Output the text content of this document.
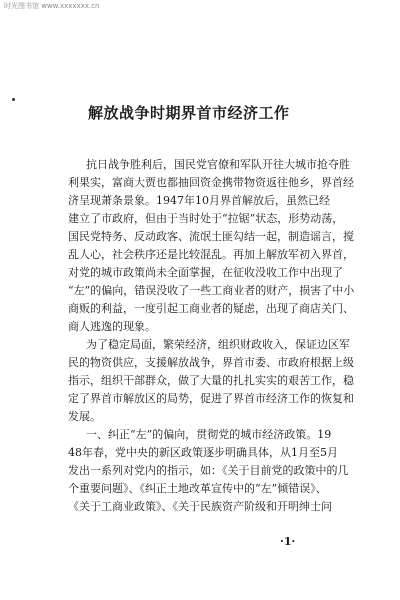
时光图书馆 www.xxxxxxx.cn
解放战争时期界首市经济工作
抗日战争胜利后，国民党官僚和军队开往大城市抢夺胜
利果实，富商大贾也都抽回资金携带物资返往他乡，界首经
济呈现萧条景象。1947年10月界首解放后，虽然已经
建立了市政府，但由于当时处于“拉锯”状态，形势动荡，
国民党特务、反动政客、流氓土匪勾结一起，制造谣言，搅
乱人心，社会秩序还是比较混乱。再加上解放军初入界首，
对党的城市政策尚未全面掌握，在征收没收工作中出现了
“左”的偏向，错误没收了一些工商业者的财产，损害了中小
商贩的利益，一度引起工商业者的疑虑，出现了商店关门、
商人逃逸的现象。
为了稳定局面，繁荣经济，组织财政收入，保证边区军
民的物资供应，支援解放战争，界首市委、市政府根据上级
指示，组织干部群众，做了大量的扎扎实实的艰苦工作，稳
定了界首市解放区的局势，促进了界首市经济工作的恢复和
发展。
一、纠正“左”的偏向，贯彻党的城市经济政策。19
48年春，党中央的新区政策逐步明确具体，从1月至5月
发出一系列对党内的指示，如：《关于目前党的政策中的几
个重要问题》、《纠正土地改革宣传中的“左”倾错误》、
《关于工商业政策》、《关于民族资产阶级和开明绅士问
·1·
